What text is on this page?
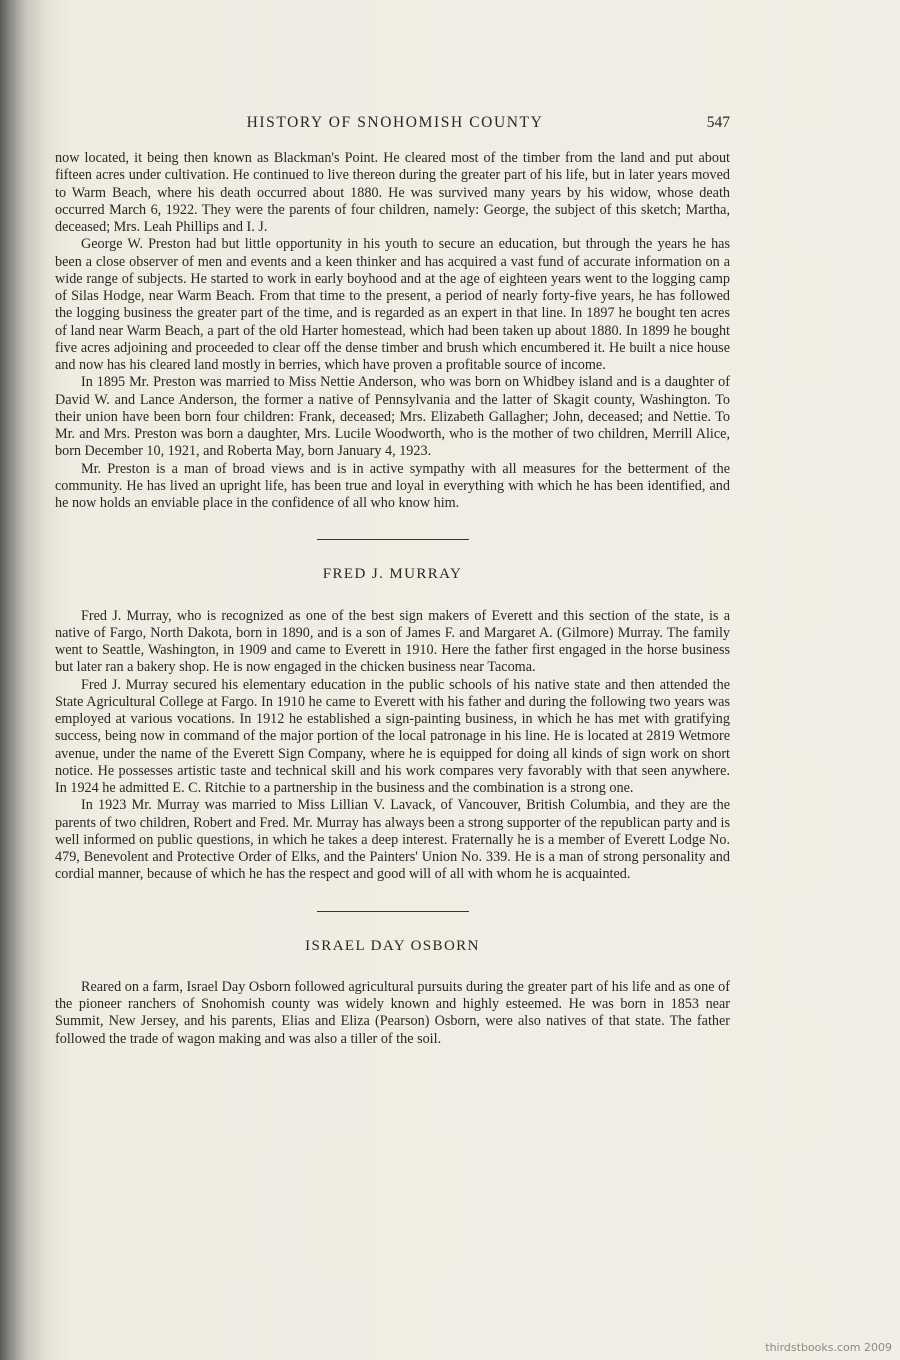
HISTORY OF SNOHOMISH COUNTY	547

now located, it being then known as Blackman's Point. He cleared most of the timber from the land and put about fifteen acres under cultivation. He continued to live thereon during the greater part of his life, but in later years moved to Warm Beach, where his death occurred about 1880. He was survived many years by his widow, whose death occurred March 6, 1922. They were the parents of four children, namely: George, the subject of this sketch; Martha, deceased; Mrs. Leah Phillips and I. J.

George W. Preston had but little opportunity in his youth to secure an education, but through the years he has been a close observer of men and events and a keen thinker and has acquired a vast fund of accurate information on a wide range of subjects. He started to work in early boyhood and at the age of eighteen years went to the logging camp of Silas Hodge, near Warm Beach. From that time to the present, a period of nearly forty-five years, he has followed the logging business the greater part of the time, and is regarded as an expert in that line. In 1897 he bought ten acres of land near Warm Beach, a part of the old Harter homestead, which had been taken up about 1880. In 1899 he bought five acres adjoining and proceeded to clear off the dense timber and brush which encumbered it. He built a nice house and now has his cleared land mostly in berries, which have proven a profitable source of income.

In 1895 Mr. Preston was married to Miss Nettie Anderson, who was born on Whidbey island and is a daughter of David W. and Lance Anderson, the former a native of Pennsylvania and the latter of Skagit county, Washington. To their union have been born four children: Frank, deceased; Mrs. Elizabeth Gallagher; John, deceased; and Nettie. To Mr. and Mrs. Preston was born a daughter, Mrs. Lucile Woodworth, who is the mother of two children, Merrill Alice, born December 10, 1921, and Roberta May, born January 4, 1923.

Mr. Preston is a man of broad views and is in active sympathy with all measures for the betterment of the community. He has lived an upright life, has been true and loyal in everything with which he has been identified, and he now holds an enviable place in the confidence of all who know him.

FRED J. MURRAY

Fred J. Murray, who is recognized as one of the best sign makers of Everett and this section of the state, is a native of Fargo, North Dakota, born in 1890, and is a son of James F. and Margaret A. (Gilmore) Murray. The family went to Seattle, Washington, in 1909 and came to Everett in 1910. Here the father first engaged in the horse business but later ran a bakery shop. He is now engaged in the chicken business near Tacoma.

Fred J. Murray secured his elementary education in the public schools of his native state and then attended the State Agricultural College at Fargo. In 1910 he came to Everett with his father and during the following two years was employed at various vocations. In 1912 he established a sign-painting business, in which he has met with gratifying success, being now in command of the major portion of the local patronage in his line. He is located at 2819 Wetmore avenue, under the name of the Everett Sign Company, where he is equipped for doing all kinds of sign work on short notice. He possesses artistic taste and technical skill and his work compares very favorably with that seen anywhere. In 1924 he admitted E. C. Ritchie to a partnership in the business and the combination is a strong one.

In 1923 Mr. Murray was married to Miss Lillian V. Lavack, of Vancouver, British Columbia, and they are the parents of two children, Robert and Fred. Mr. Murray has always been a strong supporter of the republican party and is well informed on public questions, in which he takes a deep interest. Fraternally he is a member of Everett Lodge No. 479, Benevolent and Protective Order of Elks, and the Painters' Union No. 339. He is a man of strong personality and cordial manner, because of which he has the respect and good will of all with whom he is acquainted.

ISRAEL DAY OSBORN

Reared on a farm, Israel Day Osborn followed agricultural pursuits during the greater part of his life and as one of the pioneer ranchers of Snohomish county was widely known and highly esteemed. He was born in 1853 near Summit, New Jersey, and his parents, Elias and Eliza (Pearson) Osborn, were also natives of that state. The father followed the trade of wagon making and was also a tiller of the soil.

thirdstbooks.com 2009
